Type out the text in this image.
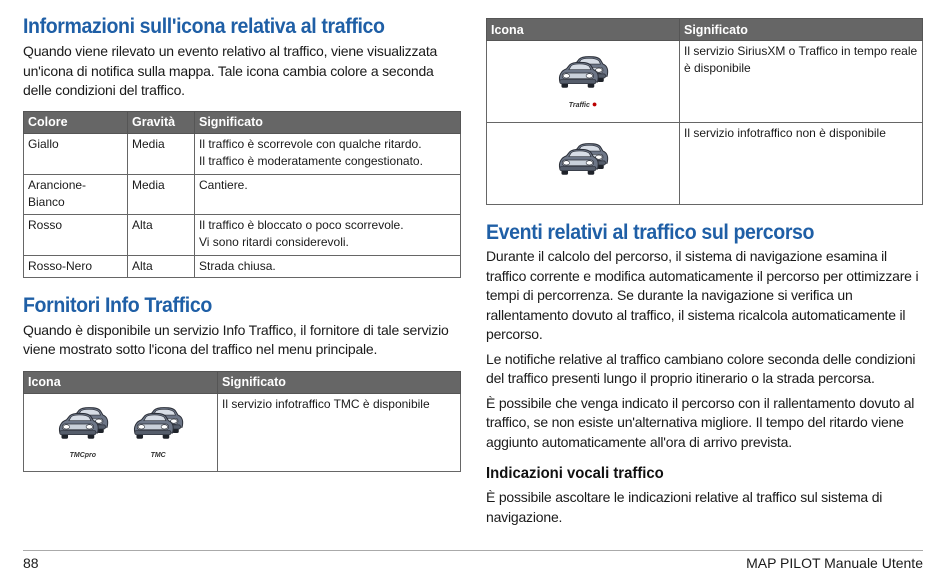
Informazioni sull'icona relativa al traffico

Quando viene rilevato un evento relativo al traffico, viene visualizzata un'icona di notifica sulla mappa. Tale icona cambia colore a seconda delle condizioni del traffico.

Colore	Gravità	Significato
Giallo	Media	Il traffico è scorrevole con qualche ritardo.
Il traffico è moderatamente congestionato.

Arancione-Bianco	Media	Cantiere.

Rosso	Alta	Il traffico è bloccato o poco scorrevole.
Vi sono ritardi considerevoli.

Rosso-Nero	Alta	Strada chiusa.
Fornitori Info Traffico

Quando è disponibile un servizio Info Traffico, il fornitore di tale servizio viene mostrato sotto l'icona del traffico nel menu principale.

Icona	Significato

TMCpro
TMC	Il servizio infotraffico TMC è disponibile
Icona	Significato

Traffic ●	Il servizio SiriusXM o Traffico in tempo reale è disponibile
	Il servizio infotraffico non è disponibile
Eventi relativi al traffico sul percorso

Durante il calcolo del percorso, il sistema di navigazione esamina il traffico corrente e modifica automaticamente il percorso per ottimizzare i tempi di percorrenza. Se durante la navigazione si verifica un rallentamento dovuto al traffico, il sistema ricalcola automaticamente il percorso.

Le notifiche relative al traffico cambiano colore seconda delle condizioni del traffico presenti lungo il proprio itinerario o la strada percorsa.

È possibile che venga indicato il percorso con il rallentamento dovuto al traffico, se non esiste un'alternativa migliore. Il tempo del ritardo viene aggiunto automaticamente all'ora di arrivo prevista.

Indicazioni vocali traffico

È possibile ascoltare le indicazioni relative al traffico sul sistema di navigazione.

88	MAP PILOT Manuale Utente
